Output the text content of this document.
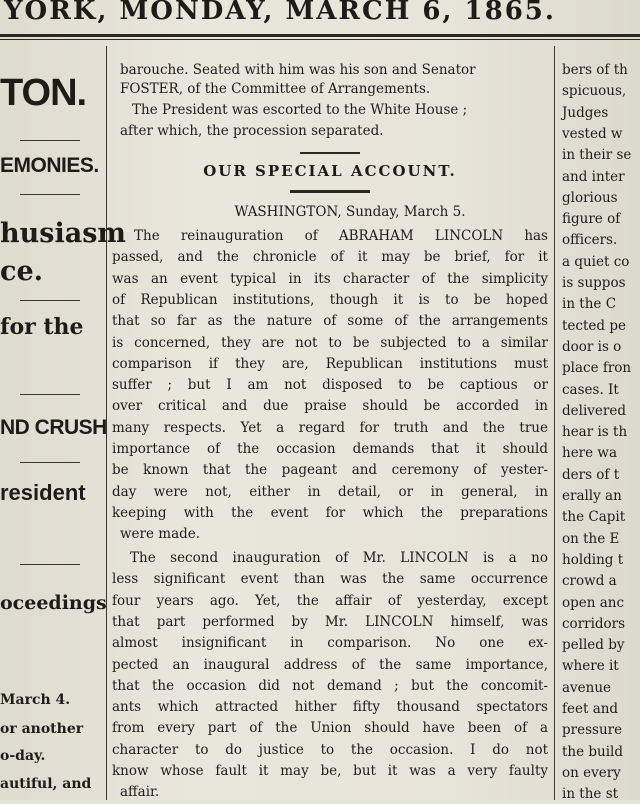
YORK, MONDAY, MARCH 6, 1865.
TON.
EMONIES.
husiasm
ce.
for the
ND CRUSH
resident
oceedings
March 4.
or another
o-day.
autiful, and
barouche. Seated with him was his son and Senator
FOSTER, of the Committee of Arrangements.
The President was escorted to the White House ;
after which, the procession separated.
OUR SPECIAL ACCOUNT.
WASHINGTON, Sunday, March 5.
The reinauguration of ABRAHAM LINCOLN has
passed, and the chronicle of it may be brief, for it
was an event typical in its character of the simplicity
of Republican institutions, though it is to be hoped
that so far as the nature of some of the arrangements
is concerned, they are not to be subjected to a similar
comparison if they are, Republican institutions must
suffer ; but I am not disposed to be captious or
over critical and due praise should be accorded in
many respects. Yet a regard for truth and the true
importance of the occasion demands that it should
be known that the pageant and ceremony of yester-
day were not, either in detail, or in general, in
keeping with the event for which the preparations
were made.
The second inauguration of Mr. LINCOLN is a no
less significant event than was the same occurrence
four years ago. Yet, the affair of yesterday, except
that part performed by Mr. LINCOLN himself, was
almost insignificant in comparison. No one ex-
pected an inaugural address of the same importance,
that the occasion did not demand ; but the concomit-
ants which attracted hither fifty thousand spectators
from every part of the Union should have been of a
character to do justice to the occasion. I do not
know whose fault it may be, but it was a very faulty
affair.
bers of th
spicuous,
Judges
vested w
in their se
and inter
glorious
figure of
officers.
a quiet co
is suppos
in the C
tected pe
door is o
place fron
cases. It
delivered
hear is th
here wa
ders of t
erally an
the Capit
on the E
holding t
crowd a
open anc
corridors
pelled by
where it
avenue
feet and
pressure
the build
on every
in the st
